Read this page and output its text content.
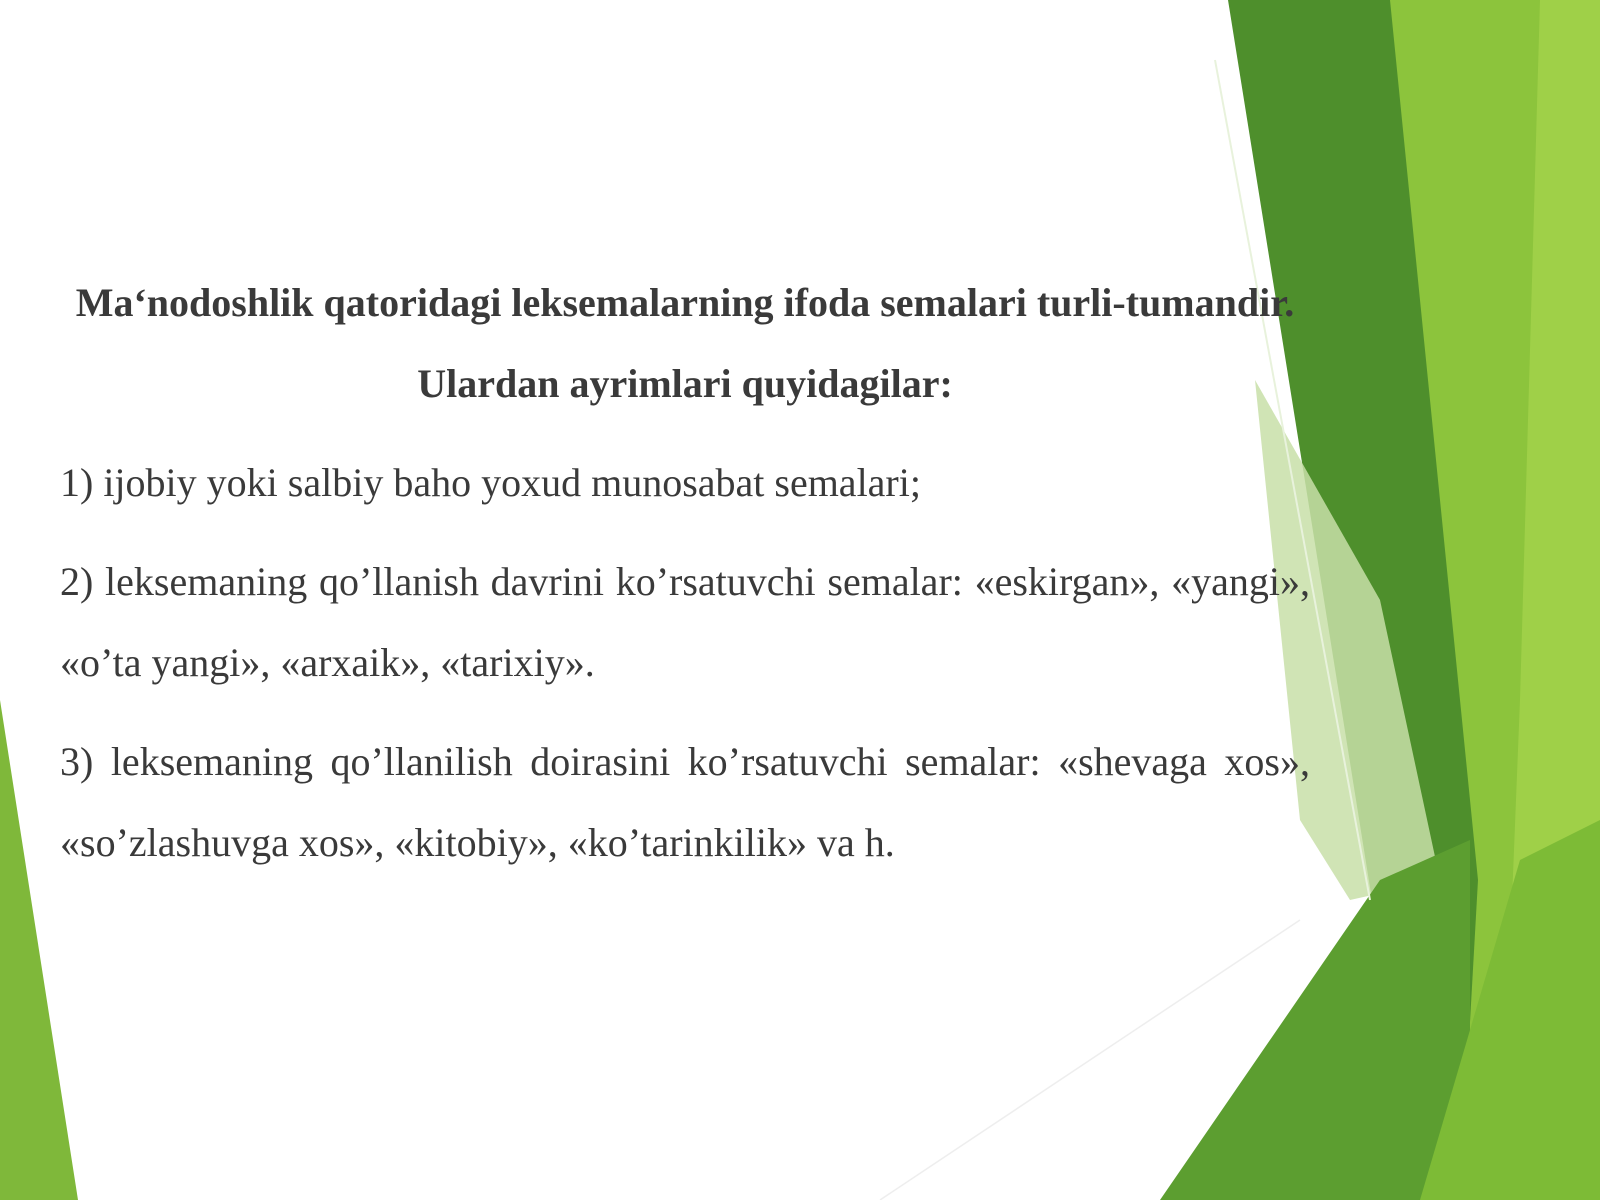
Ma‘nodoshlik qatoridagi leksemalarning ifoda semalari turli-tumandir. Ulardan ayrimlari quyidagilar:

1) ijobiy yoki salbiy baho yoxud munosabat semalari;

2) leksemaning qo’llanish davrini ko’rsatuvchi semalar: «eskirgan», «yangi», «o’ta yangi», «arxaik», «tarixiy».

3) leksemaning qo’llanilish doirasini ko’rsatuvchi semalar: «shevaga xos», «so’zlashuvga xos», «kitobiy», «ko’tarinkilik» va h.
